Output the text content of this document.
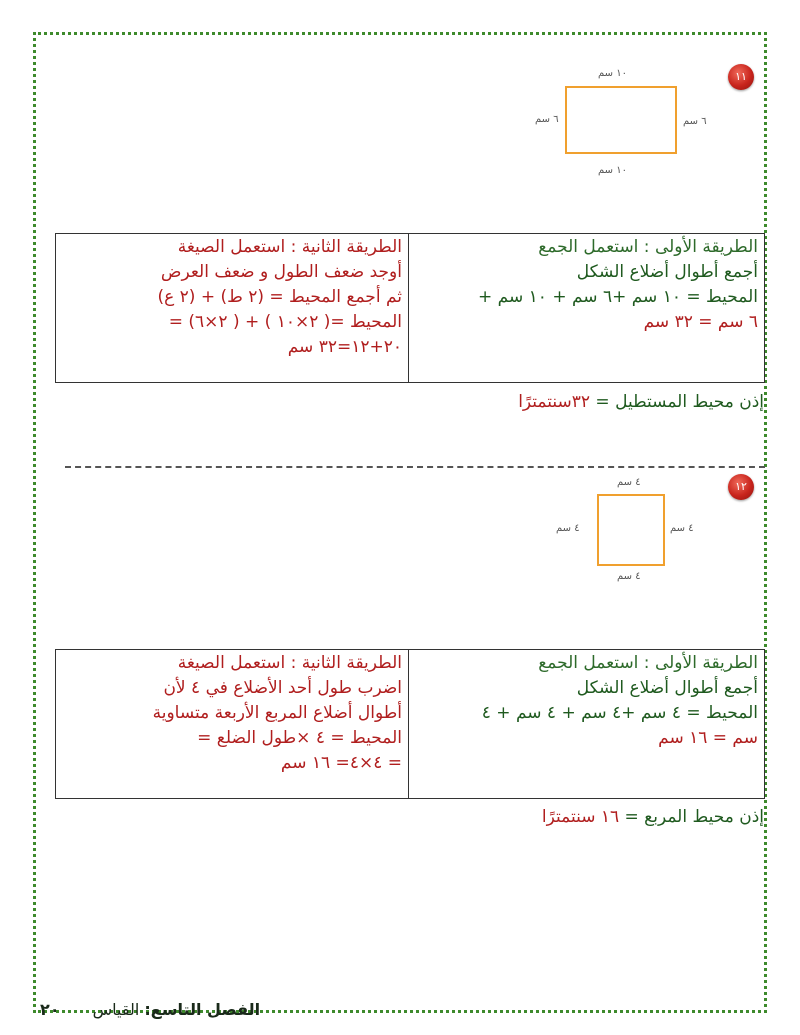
١١
١٠ سم
٦ سم	٦ سم
١٠ سم
الطريقة الأولى : استعمل الجمع
أجمع أطوال أضلاع الشكل
المحيط = ١٠ سم +٦ سم + ١٠ سم +
٦ سم = ٣٢ سم
الطريقة الثانية : استعمل الصيغة
أوجد ضعف الطول و ضعف العرض
ثم أجمع المحيط = (٢ ط) + (٢ ع)
المحيط =( ٢×١٠ ) + ( ٢×٦) =
٢٠+١٢=٣٢ سم
إذن محيط المستطيل = ٣٢سنتمترًا
١٢
٤ سم
٤ سم	٤ سم
٤ سم
الطريقة الأولى : استعمل الجمع
أجمع أطوال أضلاع الشكل
المحيط = ٤ سم +٤ سم + ٤ سم + ٤
سم = ١٦ سم
الطريقة الثانية : استعمل الصيغة
اضرب طول أحد الأضلاع في ٤ لأن
أطوال أضلاع المربع الأربعة متساوية
المحيط = ٤ ×طول الضلع =
= ٤×٤= ١٦ سم
إذن محيط المربع = ١٦ سنتمترًا
الفصل التاسع: القياس ٢٠
